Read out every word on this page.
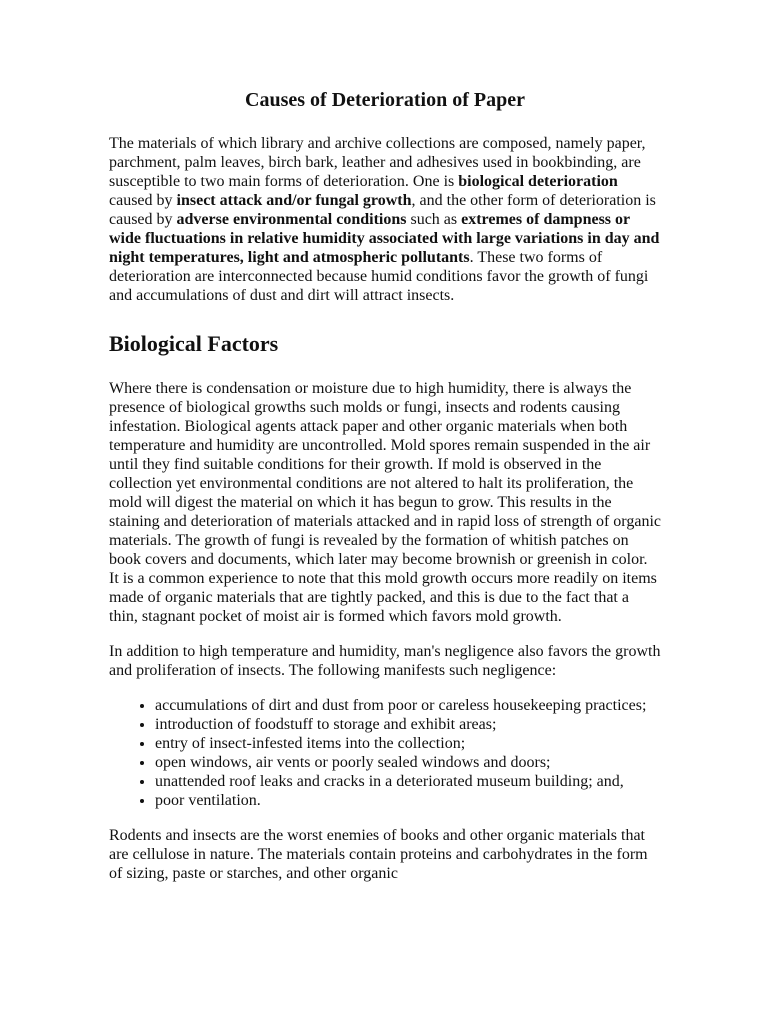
Causes of Deterioration of Paper

The materials of which library and archive collections are composed, namely paper, parchment, palm leaves, birch bark, leather and adhesives used in bookbinding, are susceptible to two main forms of deterioration. One is biological deterioration caused by insect attack and/or fungal growth, and the other form of deterioration is caused by adverse environmental conditions such as extremes of dampness or wide fluctuations in relative humidity associated with large variations in day and night temperatures, light and atmospheric pollutants. These two forms of deterioration are interconnected because humid conditions favor the growth of fungi and accumulations of dust and dirt will attract insects.

Biological Factors

Where there is condensation or moisture due to high humidity, there is always the presence of biological growths such molds or fungi, insects and rodents causing infestation. Biological agents attack paper and other organic materials when both temperature and humidity are uncontrolled. Mold spores remain suspended in the air until they find suitable conditions for their growth. If mold is observed in the collection yet environmental conditions are not altered to halt its proliferation, the mold will digest the material on which it has begun to grow. This results in the staining and deterioration of materials attacked and in rapid loss of strength of organic materials. The growth of fungi is revealed by the formation of whitish patches on book covers and documents, which later may become brownish or greenish in color. It is a common experience to note that this mold growth occurs more readily on items made of organic materials that are tightly packed, and this is due to the fact that a thin, stagnant pocket of moist air is formed which favors mold growth.

In addition to high temperature and humidity, man's negligence also favors the growth and proliferation of insects. The following manifests such negligence:

• accumulations of dirt and dust from poor or careless housekeeping practices;
• introduction of foodstuff to storage and exhibit areas;
• entry of insect-infested items into the collection;
• open windows, air vents or poorly sealed windows and doors;
• unattended roof leaks and cracks in a deteriorated museum building; and,
• poor ventilation.

Rodents and insects are the worst enemies of books and other organic materials that are cellulose in nature. The materials contain proteins and carbohydrates in the form of sizing, paste or starches, and other organic
